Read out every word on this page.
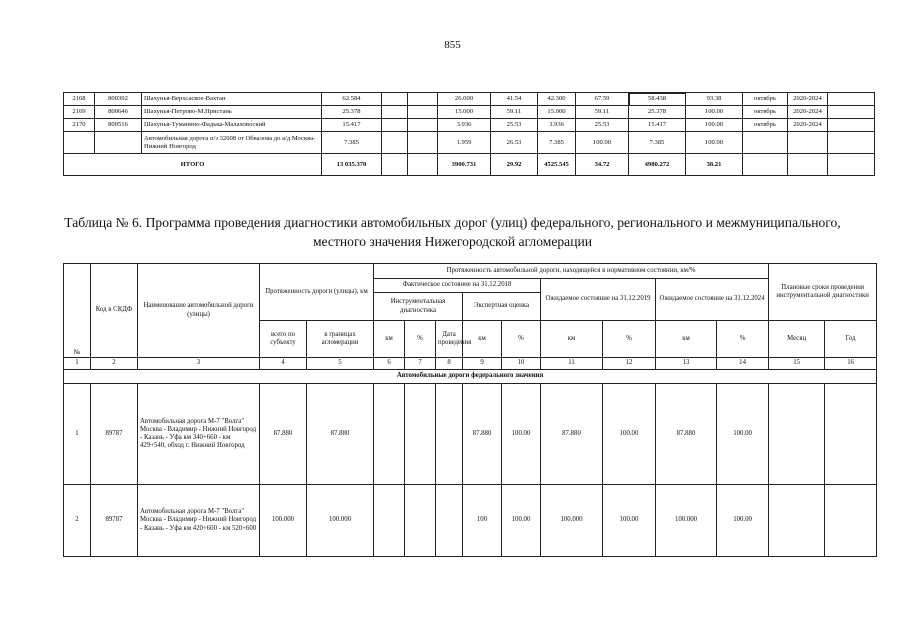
855
2168	800392	Шахунья-Верхсаское-Вахтан	62.584			26.000	41.54	42.300	67.59	58.438	93.38	октябрь	2020-2024	
2169	800646	Шахунья-Петрово-М.Пристань	25.378			15.000	59.11	15.000	59.11	25.378	100.00	октябрь	2020-2024	
2170	800516	Шахунья-Туманино-Фадька-Малахово́ский	15.417			3.936	25.53	3.936	25.53	15.417	100.00	октябрь	2020-2024	
		Автомобильная дорога п/з 32008 от Обвалова до а/д Москва-Нижний Новгород	7.385			1.959	26.53	7.385	100.00	7.385	100.00			
ИТОГО			13 035.370			3900.731	29.92	4525.545	34.72	4980.272	38.21			
Таблица № 6. Программа проведения диагностики автомобильных дорог (улиц) федерального, регионального и межмуниципального, местного значения Нижегородской агломерации
№	Код в СКДФ	Наименование автомобильной дороги (улицы)	Протяженность дороги (улицы), км		Протяженность автомобильной дороги, находящейся в нормативном состоянии, км/%									Плановые сроки проведения инструментальной диагностики	
					Фактическое состояние на 31.12.2018					Ожидаемое состояние на 31.12.2019		Ожидаемое состояние на 31.12.2024			
					Инструментальная диагностика			Экспертная оценка							
			всего по субъекту	в границах агломерации	км	%	Дата проведения	км	%	км	%	км	%	Месяц	Год
1	2	3	4	5	6	7	8	9	10	11	12	13	14	15	16
Автомобильные дороги федерального значения															
1	89787	Автомобильная дорога М-7 "Волга" Москва - Владимир - Нижний Новгород - Казань - Уфа км 340+660 - км 429+540, обход г. Нижний Новгород	87.880	87.880				87.880	100.00	87.880	100.00	87.880	100.00		
2	89787	Автомобильная дорога М-7 "Волга" Москва - Владимир - Нижний Новгород - Казань - Уфа км 420+600 - км 520+600	100.000	100.000				100	100.00	100.000	100.00	100.000	100.00		
